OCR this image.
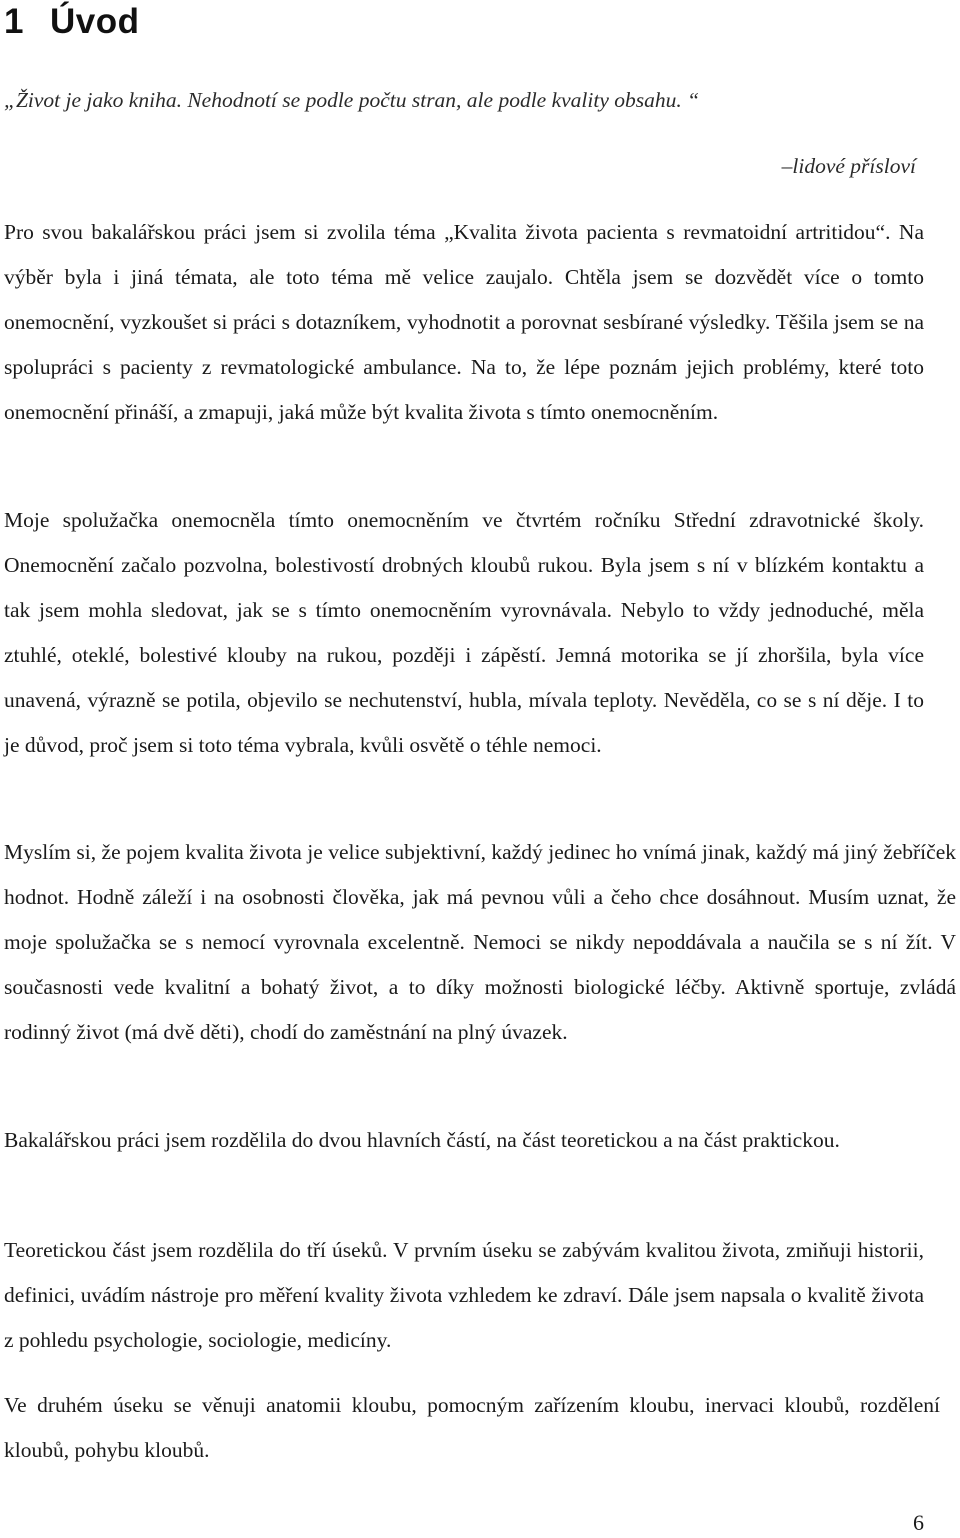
1 Úvod

„Život je jako kniha. Nehodnotí se podle počtu stran, ale podle kvality obsahu. “

–lidové přísloví

Pro svou bakalářskou práci jsem si zvolila téma „Kvalita života pacienta s revmatoidní artritidou“. Na výběr byla i jiná témata, ale toto téma mě velice zaujalo. Chtěla jsem se dozvědět více o tomto onemocnění, vyzkoušet si práci s dotazníkem, vyhodnotit a porovnat sesbírané výsledky. Těšila jsem se na spolupráci s pacienty z revmatologické ambulance. Na to, že lépe poznám jejich problémy, které toto onemocnění přináší, a zmapuji, jaká může být kvalita života s tímto onemocněním.

Moje spolužačka onemocněla tímto onemocněním ve čtvrtém ročníku Střední zdravotnické školy. Onemocnění začalo pozvolna, bolestivostí drobných kloubů rukou. Byla jsem s ní v blízkém kontaktu a tak jsem mohla sledovat, jak se s tímto onemocněním vyrovnávala. Nebylo to vždy jednoduché, měla ztuhlé, oteklé, bolestivé klouby na rukou, později i zápěstí. Jemná motorika se jí zhoršila, byla více unavená, výrazně se potila, objevilo se nechutenství, hubla, mívala teploty. Nevěděla, co se s ní děje. I to je důvod, proč jsem si toto téma vybrala, kvůli osvětě o téhle nemoci.

Myslím si, že pojem kvalita života je velice subjektivní, každý jedinec ho vnímá jinak, každý má jiný žebříček hodnot. Hodně záleží i na osobnosti člověka, jak má pevnou vůli a čeho chce dosáhnout. Musím uznat, že moje spolužačka se s nemocí vyrovnala excelentně. Nemoci se nikdy nepoddávala a naučila se s ní žít. V současnosti vede kvalitní a bohatý život, a to díky možnosti biologické léčby. Aktivně sportuje, zvládá rodinný život (má dvě děti), chodí do zaměstnání na plný úvazek.

Bakalářskou práci jsem rozdělila do dvou hlavních částí, na část teoretickou a na část praktickou.

Teoretickou část jsem rozdělila do tří úseků. V prvním úseku se zabývám kvalitou života, zmiňuji historii, definici, uvádím nástroje pro měření kvality života vzhledem ke zdraví. Dále jsem napsala o kvalitě života z pohledu psychologie, sociologie, medicíny.

Ve druhém úseku se věnuji anatomii kloubu, pomocným zařízením kloubu, inervaci kloubů, rozdělení kloubů, pohybu kloubů.

6
